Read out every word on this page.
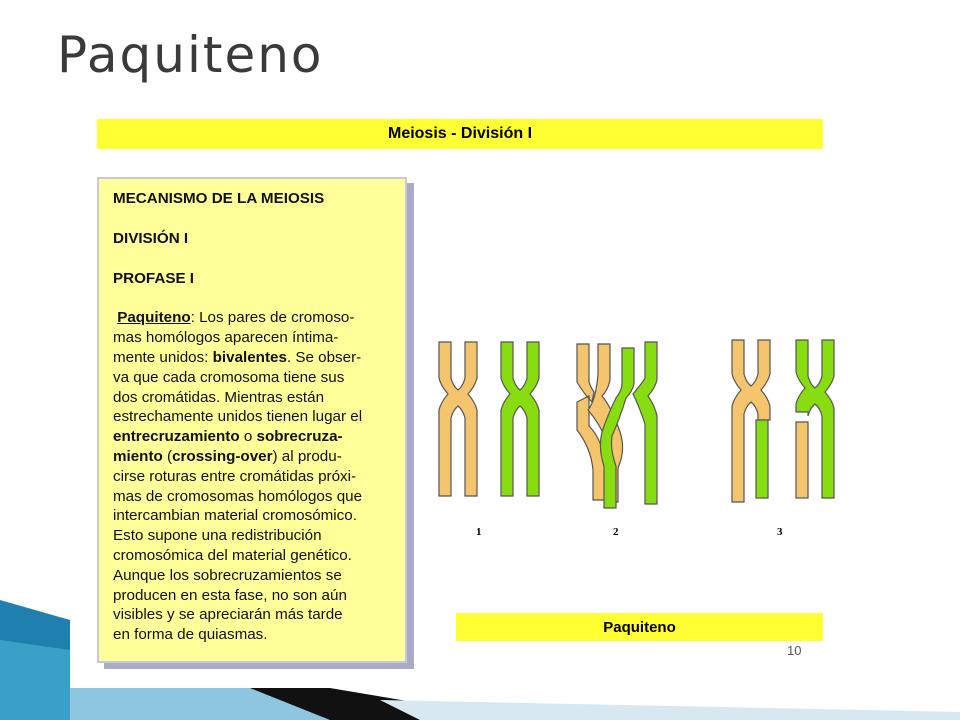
Paquiteno
Meiosis - División I

MECANISMO DE LA MEIOSIS

DIVISIÓN I

PROFASE I

Paquiteno: Los pares de cromoso-
mas homólogos aparecen íntima-
mente unidos: bivalentes. Se obser-
va que cada cromosoma tiene sus
dos cromátidas. Mientras están
estrechamente unidos tienen lugar el
entrecruzamiento o sobrecruza-
miento (crossing-over) al produ-
cirse roturas entre cromátidas próxi-
mas de cromosomas homólogos que
intercambian material cromosómico.
Esto supone una redistribución
cromosómica del material genético.
Aunque los sobrecruzamientos se
producen en esta fase, no son aún
visibles y se apreciarán más tarde
en forma de quiasmas.

1	2	3
Paquiteno
10
